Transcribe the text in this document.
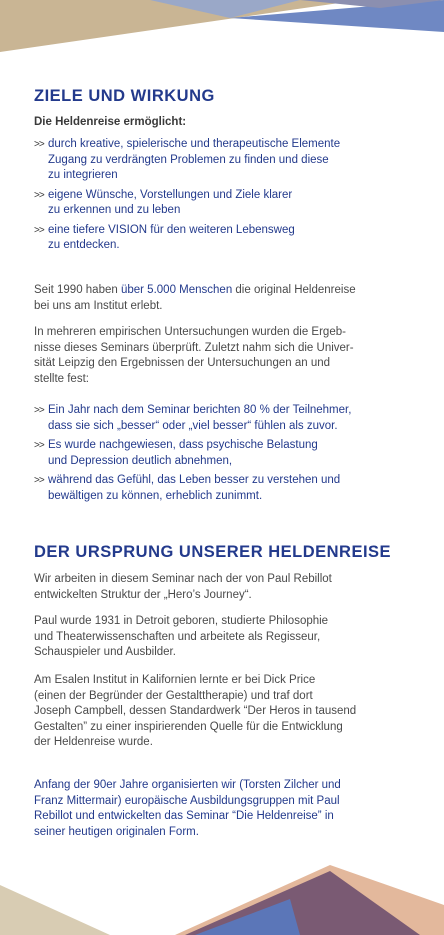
ZIELE UND WIRKUNG
Die Heldenreise ermöglicht:
>> durch kreative, spielerische und therapeutische Elemente
Zugang zu verdrängten Problemen zu finden und diese
zu integrieren
>> eigene Wünsche, Vorstellungen und Ziele klarer
zu erkennen und zu leben
>> eine tiefere VISION für den weiteren Lebensweg
zu entdecken.

Seit 1990 haben über 5.000 Menschen die original Heldenreise
bei uns am Institut erlebt.

In mehreren empirischen Untersuchungen wurden die Ergeb-
nisse dieses Seminars überprüft. Zuletzt nahm sich die Univer-
sität Leipzig den Ergebnissen der Untersuchungen an und
stellte fest:

>> Ein Jahr nach dem Seminar berichten 80 % der Teilnehmer,
dass sie sich „besser“ oder „viel besser“ fühlen als zuvor.
>> Es wurde nachgewiesen, dass psychische Belastung
und Depression deutlich abnehmen,
>> während das Gefühl, das Leben besser zu verstehen und
bewältigen zu können, erheblich zunimmt.
DER URSPRUNG UNSERER HELDENREISE

Wir arbeiten in diesem Seminar nach der von Paul Rebillot
entwickelten Struktur der „Hero’s Journey“.

Paul wurde 1931 in Detroit geboren, studierte Philosophie
und Theaterwissenschaften und arbeitete als Regisseur,
Schauspieler und Ausbilder.

Am Esalen Institut in Kalifornien lernte er bei Dick Price
(einen der Begründer der Gestalttherapie) und traf dort
Joseph Campbell, dessen Standardwerk “Der Heros in tausend
Gestalten” zu einer inspirierenden Quelle für die Entwicklung
der Heldenreise wurde.

Anfang der 90er Jahre organisierten wir (Torsten Zilcher und
Franz Mittermair) europäische Ausbildungsgruppen mit Paul
Rebillot und entwickelten das Seminar “Die Heldenreise” in
seiner heutigen originalen Form.
